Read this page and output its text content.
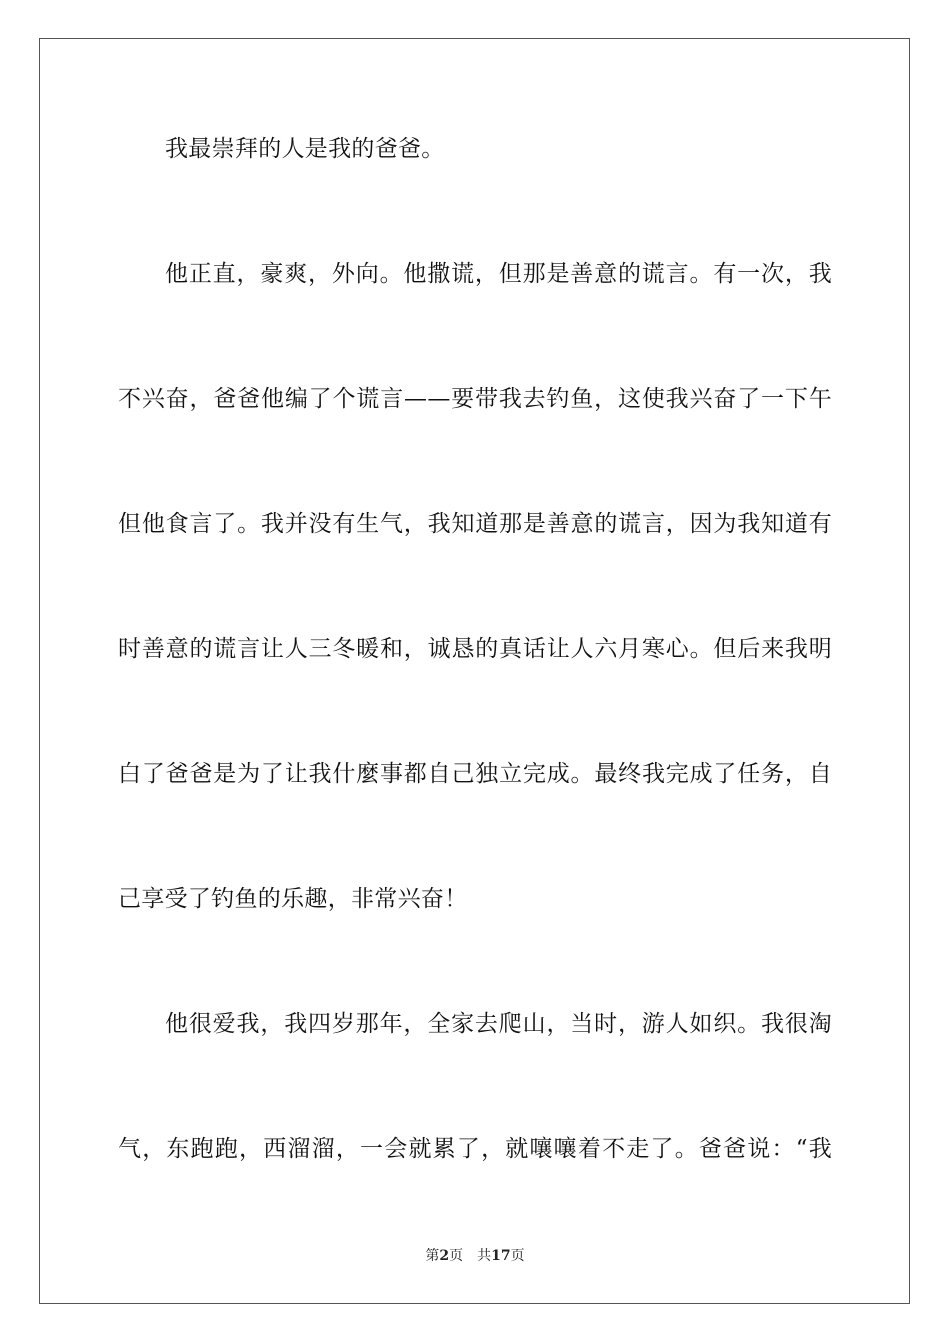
我最崇拜的人是我的爸爸。
他正直，豪爽，外向。他撒谎，但那是善意的谎言。有一次，我
不兴奋，爸爸他编了个谎言——要带我去钓鱼，这使我兴奋了一下午
但他食言了。我并没有生气，我知道那是善意的谎言，因为我知道有
时善意的谎言让人三冬暖和，诚恳的真话让人六月寒心。但后来我明
白了爸爸是为了让我什麼事都自己独立完成。最终我完成了任务，自
己享受了钓鱼的乐趣，非常兴奋！
他很爱我，我四岁那年，全家去爬山，当时，游人如织。我很淘
气，东跑跑，西溜溜，一会就累了，就嚷嚷着不走了。爸爸说：“我
第2页 共17页
